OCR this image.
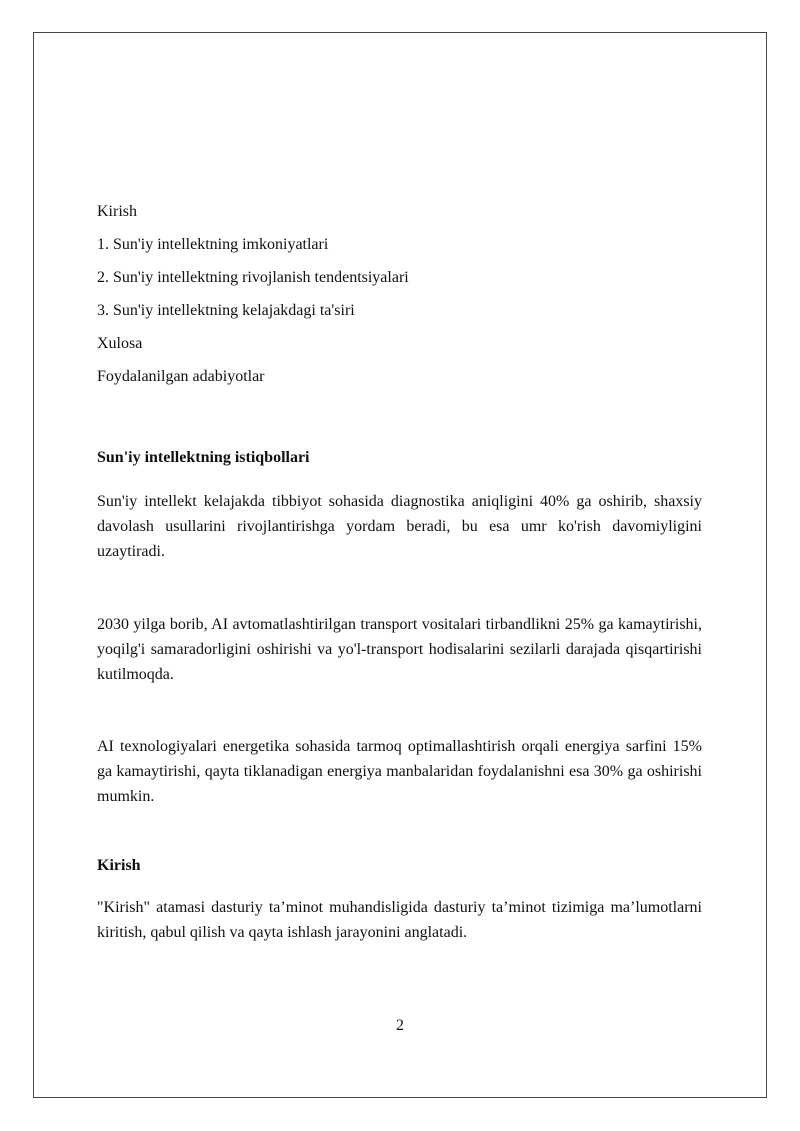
Kirish

1. Sun'iy intellektning imkoniyatlari

2. Sun'iy intellektning rivojlanish tendentsiyalari

3. Sun'iy intellektning kelajakdagi ta'siri

Xulosa

Foydalanilgan adabiyotlar

Sun'iy intellektning istiqbollari

Sun'iy intellekt kelajakda tibbiyot sohasida diagnostika aniqligini 40% ga oshirib, shaxsiy davolash usullarini rivojlantirishga yordam beradi, bu esa umr ko'rish davomiyligini uzaytiradi.

2030 yilga borib, AI avtomatlashtirilgan transport vositalari tirbandlikni 25% ga kamaytirishi, yoqilg'i samaradorligini oshirishi va yo'l-transport hodisalarini sezilarli darajada qisqartirishi kutilmoqda.

AI texnologiyalari energetika sohasida tarmoq optimallashtirish orqali energiya sarfini 15% ga kamaytirishi, qayta tiklanadigan energiya manbalaridan foydalanishni esa 30% ga oshirishi mumkin.

Kirish

"Kirish" atamasi dasturiy ta’minot muhandisligida dasturiy ta’minot tizimiga ma’lumotlarni kiritish, qabul qilish va qayta ishlash jarayonini anglatadi.

2
